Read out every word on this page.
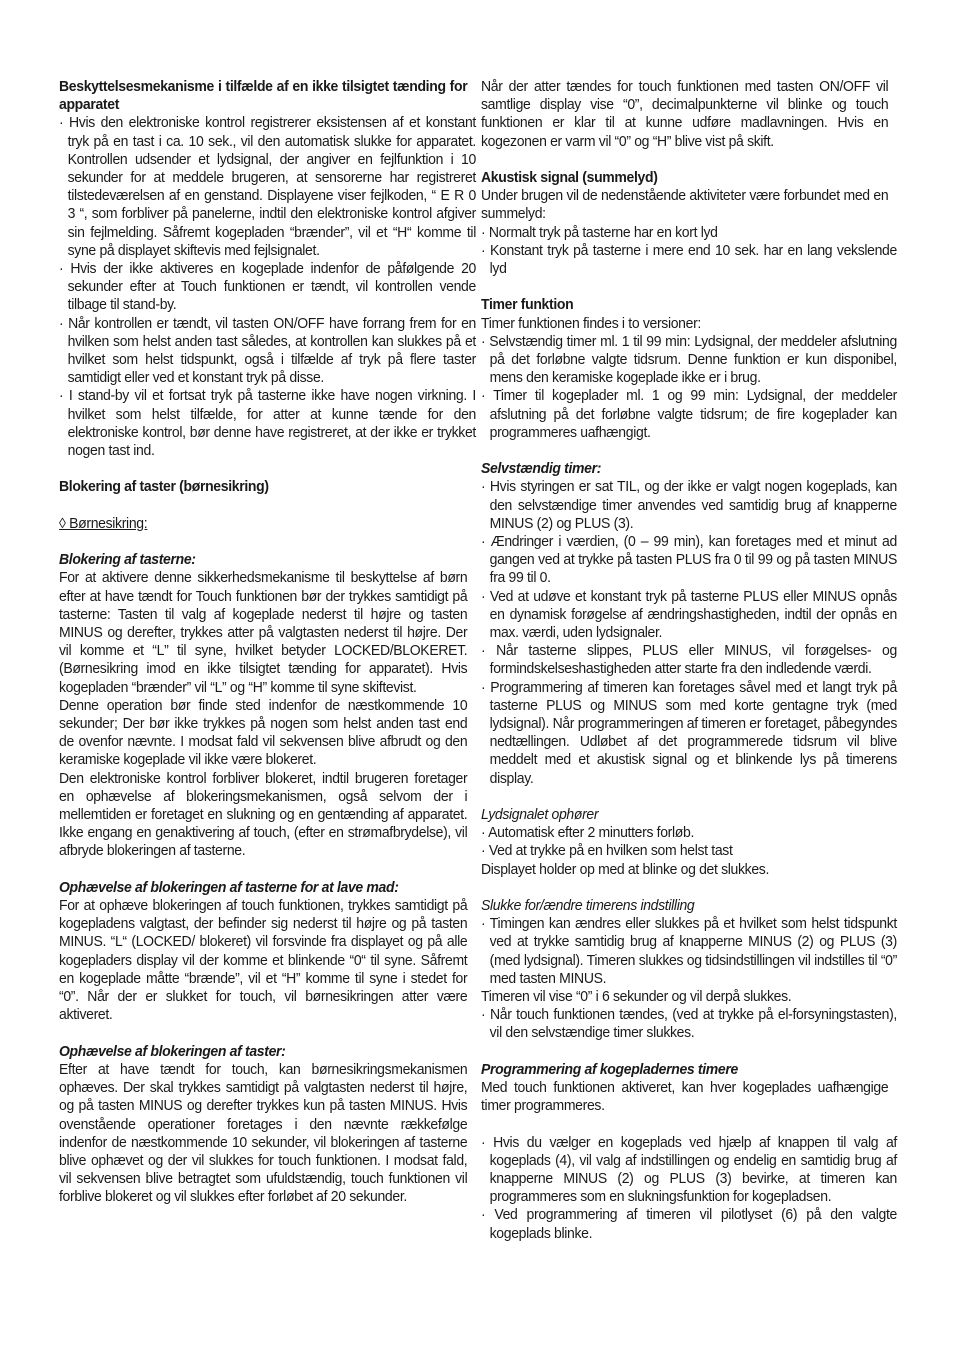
Beskyttelsesmekanisme i tilfælde af en ikke tilsigtet tænding for apparatet

· Hvis den elektroniske kontrol registrerer eksistensen af et konstant tryk på en tast i ca. 10 sek., vil den automatisk slukke for apparatet. Kontrollen udsender et lydsignal, der angiver en fejlfunktion i 10 sekunder for at meddele brugeren, at sensorerne har registreret tilstedeværelsen af en genstand. Displayene viser fejlkoden, “ E R 0 3 “, som forbliver på panelerne, indtil den elektroniske kontrol afgiver sin fejlmelding. Såfremt kogepladen “brænder”, vil et “H“ komme til syne på displayet skiftevis med fejlsignalet.
· Hvis der ikke aktiveres en kogeplade indenfor de påfølgende 20 sekunder efter at Touch funktionen er tændt, vil kontrollen vende tilbage til stand-by.
· Når kontrollen er tændt, vil tasten ON/OFF have forrang frem for en hvilken som helst anden tast således, at kontrollen kan slukkes på et hvilket som helst tidspunkt, også i tilfælde af tryk på flere taster samtidigt eller ved et konstant tryk på disse.
· I stand-by vil et fortsat tryk på tasterne ikke have nogen virkning. I hvilket som helst tilfælde, for atter at kunne tænde for den elektroniske kontrol, bør denne have registreret, at der ikke er trykket nogen tast ind.

Blokering af taster (børnesikring)

◊ Børnesikring:

Blokering af tasterne:

For at aktivere denne sikkerhedsmekanisme til beskyttelse af børn efter at have tændt for Touch funktionen bør der trykkes samtidigt på tasterne: Tasten til valg af kogeplade nederst til højre og tasten MINUS og derefter, trykkes atter på valgtasten nederst til højre. Der vil komme et “L” til syne, hvilket betyder LOCKED/BLOKERET. (Børnesikring imod en ikke tilsigtet tænding for apparatet). Hvis kogepladen “brænder” vil “L” og “H” komme til syne skiftevist.

Denne operation bør finde sted indenfor de næstkommende 10 sekunder; Der bør ikke trykkes på nogen som helst anden tast end de ovenfor nævnte. I modsat fald vil sekvensen blive afbrudt og den keramiske kogeplade vil ikke være blokeret.

Den elektroniske kontrol forbliver blokeret, indtil brugeren foretager en ophævelse af blokeringsmekanismen, også selvom der i mellemtiden er foretaget en slukning og en gentænding af apparatet. Ikke engang en genaktivering af touch, (efter en strømafbrydelse), vil afbryde blokeringen af tasterne.

Ophævelse af blokeringen af tasterne for at lave mad:

For at ophæve blokeringen af touch funktionen, trykkes samtidigt på kogepladens valgtast, der befinder sig nederst til højre og på tasten MINUS. “L“ (LOCKED/ blokeret) vil forsvinde fra displayet og på alle kogepladers display vil der komme et blinkende “0“ til syne. Såfremt en kogeplade måtte “brænde”, vil et “H” komme til syne i stedet for “0”. Når der er slukket for touch, vil børnesikringen atter være aktiveret.

Ophævelse af blokeringen af taster:

Efter at have tændt for touch, kan børnesikringsmekanismen ophæves. Der skal trykkes samtidigt på valgtasten nederst til højre, og på tasten MINUS og derefter trykkes kun på tasten MINUS. Hvis ovenstående operationer foretages i den nævnte rækkefølge indenfor de næstkommende 10 sekunder, vil blokeringen af tasterne blive ophævet og der vil slukkes for touch funktionen. I modsat fald, vil sekvensen blive betragtet som ufuldstændig, touch funktionen vil forblive blokeret og vil slukkes efter forløbet af 20 sekunder.

Når der atter tændes for touch funktionen med tasten ON/OFF vil samtlige display vise “0”, decimalpunkterne vil blinke og touch funktionen er klar til at kunne udføre madlavningen. Hvis en kogezonen er varm vil “0” og “H” blive vist på skift.

Akustisk signal (summelyd)

Under brugen vil de nedenstående aktiviteter være forbundet med en summelyd:

· Normalt tryk på tasterne har en kort lyd
· Konstant tryk på tasterne i mere end 10 sek. har en lang vekslende lyd

Timer funktion

Timer funktionen findes i to versioner:

· Selvstændig timer ml. 1 til 99 min: Lydsignal, der meddeler afslutning på det forløbne valgte tidsrum. Denne funktion er kun disponibel, mens den keramiske kogeplade ikke er i brug.
· Timer til kogeplader ml. 1 og 99 min: Lydsignal, der meddeler afslutning på det forløbne valgte tidsrum; de fire kogeplader kan programmeres uafhængigt.

Selvstændig timer:

· Hvis styringen er sat TIL, og der ikke er valgt nogen kogeplads, kan den selvstændige timer anvendes ved samtidig brug af knapperne MINUS (2) og PLUS (3).
· Ændringer i værdien, (0 – 99 min), kan foretages med et minut ad gangen ved at trykke på tasten PLUS fra 0 til 99 og på tasten MINUS fra 99 til 0.
· Ved at udøve et konstant tryk på tasterne PLUS eller MINUS opnås en dynamisk forøgelse af ændringshastigheden, indtil der opnås en max. værdi, uden lydsignaler.
· Når tasterne slippes, PLUS eller MINUS, vil forøgelses- og formindskelseshastigheden atter starte fra den indledende værdi.
· Programmering af timeren kan foretages såvel med et langt tryk på tasterne PLUS og MINUS som med korte gentagne tryk (med lydsignal). Når programmeringen af timeren er foretaget, påbegyndes nedtællingen. Udløbet af det programmerede tidsrum vil blive meddelt med et akustisk signal og et blinkende lys på timerens display.

Lydsignalet ophører

· Automatisk efter 2 minutters forløb.
· Ved at trykke på en hvilken som helst tast

Displayet holder op med at blinke og det slukkes.

Slukke for/ændre timerens indstilling

· Timingen kan ændres eller slukkes på et hvilket som helst tidspunkt ved at trykke samtidig brug af knapperne MINUS (2) og PLUS (3) (med lydsignal). Timeren slukkes og tidsindstillingen vil indstilles til “0” med tasten MINUS.

Timeren vil vise “0” i 6 sekunder og vil derpå slukkes.

· Når touch funktionen tændes, (ved at trykke på el-forsyningstasten), vil den selvstændige timer slukkes.

Programmering af kogepladernes timere

Med touch funktionen aktiveret, kan hver kogeplades uafhængige timer programmeres.

· Hvis du vælger en kogeplads ved hjælp af knappen til valg af kogeplads (4), vil valg af indstillingen og endelig en samtidig brug af knapperne MINUS (2) og PLUS (3) bevirke, at timeren kan programmeres som en slukningsfunktion for kogepladsen.
· Ved programmering af timeren vil pilotlyset (6) på den valgte kogeplads blinke.
